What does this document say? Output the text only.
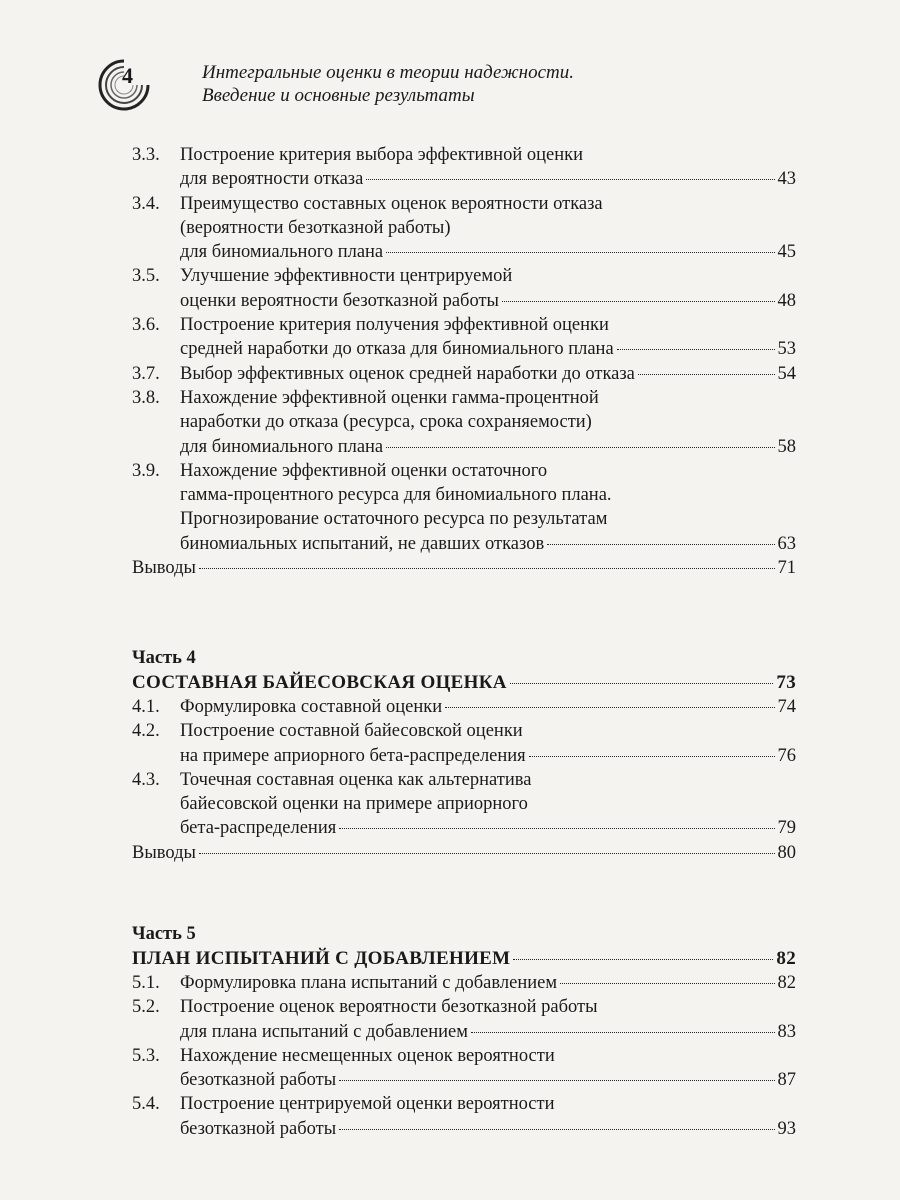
4	Интегральные оценки в теории надежности.
Введение и основные результаты
3.3. Построение критерия выбора эффективной оценки
для вероятности отказа	43
3.4. Преимущество составных оценок вероятности отказа
(вероятности безотказной работы)
для биномиального плана	45
3.5. Улучшение эффективности центрируемой
оценки вероятности безотказной работы	48
3.6. Построение критерия получения эффективной оценки
средней наработки до отказа для биномиального плана	53
3.7. Выбор эффективных оценок средней наработки до отказа	54
3.8. Нахождение эффективной оценки гамма-процентной
наработки до отказа (ресурса, срока сохраняемости)
для биномиального плана	58
3.9. Нахождение эффективной оценки остаточного
гамма-процентного ресурса для биномиального плана.
Прогнозирование остаточного ресурса по результатам
биномиальных испытаний, не давших отказов	63
Выводы	71
Часть 4
СОСТАВНАЯ БАЙЕСОВСКАЯ ОЦЕНКА	73
4.1. Формулировка составной оценки	74
4.2. Построение составной байесовской оценки
на примере априорного бета-распределения	76
4.3. Точечная составная оценка как альтернатива
байесовской оценки на примере априорного
бета-распределения	79
Выводы	80
Часть 5
ПЛАН ИСПЫТАНИЙ С ДОБАВЛЕНИЕМ	82
5.1. Формулировка плана испытаний с добавлением	82
5.2. Построение оценок вероятности безотказной работы
для плана испытаний с добавлением	83
5.3. Нахождение несмещенных оценок вероятности
безотказной работы	87
5.4. Построение центрируемой оценки вероятности
безотказной работы	93
